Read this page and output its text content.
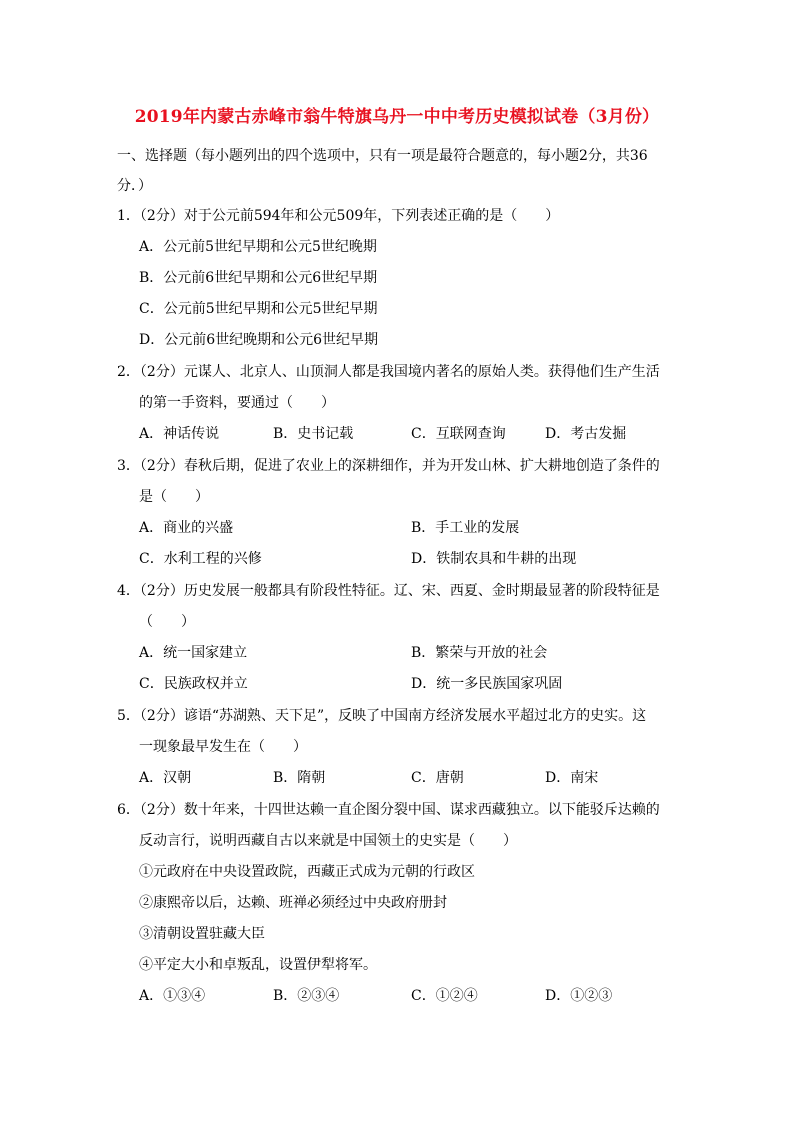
2019年内蒙古赤峰市翁牛特旗乌丹一中中考历史模拟试卷（3月份）
一、选择题（每小题列出的四个选项中，只有一项是最符合题意的，每小题2分，共36
分．）
1．（2分）对于公元前594年和公元509年，下列表述正确的是（　　）
A．公元前5世纪早期和公元5世纪晚期
B．公元前6世纪早期和公元6世纪早期
C．公元前5世纪早期和公元5世纪早期
D．公元前6世纪晚期和公元6世纪早期
2．（2分）元谋人、北京人、山顶洞人都是我国境内著名的原始人类。获得他们生产生活
的第一手资料，要通过（　　）
A．神话传说	B．史书记载	C．互联网查询	D．考古发掘
3．（2分）春秋后期，促进了农业上的深耕细作，并为开发山林、扩大耕地创造了条件的
是（　　）
A．商业的兴盛	B．手工业的发展
C．水利工程的兴修	D．铁制农具和牛耕的出现
4．（2分）历史发展一般都具有阶段性特征。辽、宋、西夏、金时期最显著的阶段特征是
（　　）
A．统一国家建立	B．繁荣与开放的社会
C．民族政权并立	D．统一多民族国家巩固
5．（2分）谚语“苏湖熟、天下足”，反映了中国南方经济发展水平超过北方的史实。这
一现象最早发生在（　　）
A．汉朝	B．隋朝	C．唐朝	D．南宋
6．（2分）数十年来，十四世达赖一直企图分裂中国、谋求西藏独立。以下能驳斥达赖的
反动言行，说明西藏自古以来就是中国领土的史实是（　　）
①元政府在中央设置政院，西藏正式成为元朝的行政区
②康熙帝以后，达赖、班禅必须经过中央政府册封
③清朝设置驻藏大臣
④平定大小和卓叛乱，设置伊犁将军。
A．①③④	B．②③④	C．①②④	D．①②③
